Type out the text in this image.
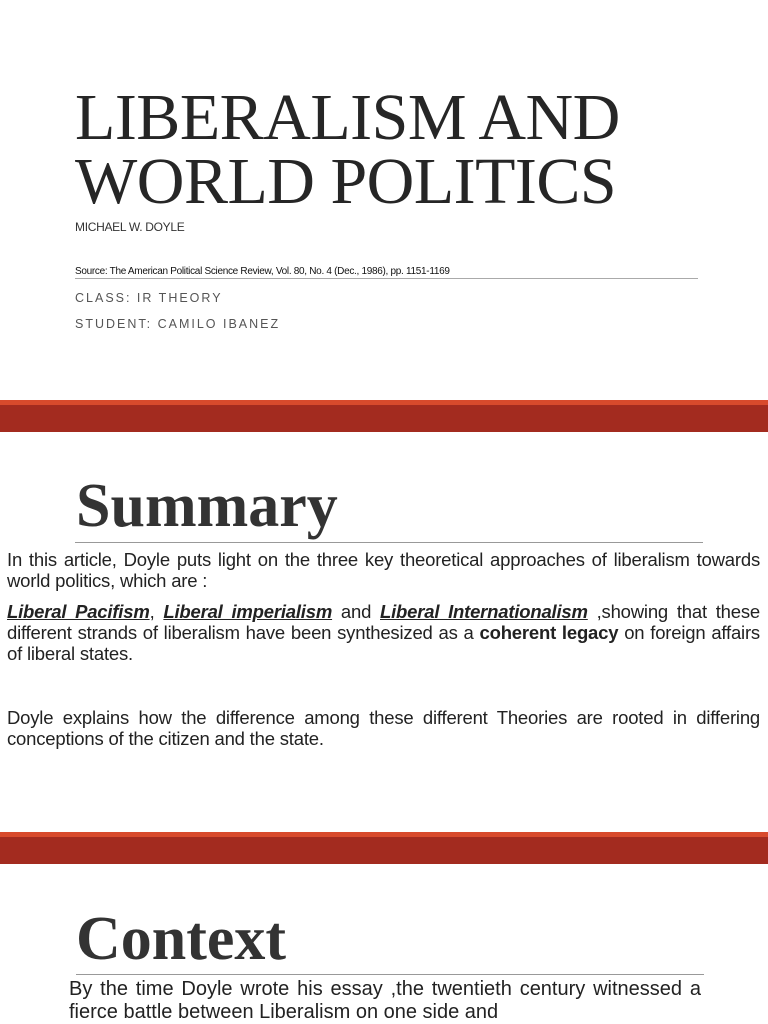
LIBERALISM AND
WORLD POLITICS
MICHAEL W. DOYLE
Source: The American Political Science Review, Vol. 80, No. 4 (Dec., 1986), pp. 1151-1169
CLASS: IR THEORY
STUDENT: CAMILO IBANEZ
Summary

In this article, Doyle puts light on the three key theoretical approaches of liberalism towards world politics, which are :

Liberal Pacifism, Liberal imperialism and Liberal Internationalism ,showing that these different strands of liberalism have been synthesized as a coherent legacy on foreign affairs of liberal states.

Doyle explains how the difference among these different Theories are rooted in differing conceptions of the citizen and the state.

Context

By the time Doyle wrote his essay ,the twentieth century witnessed a fierce battle between Liberalism on one side and
